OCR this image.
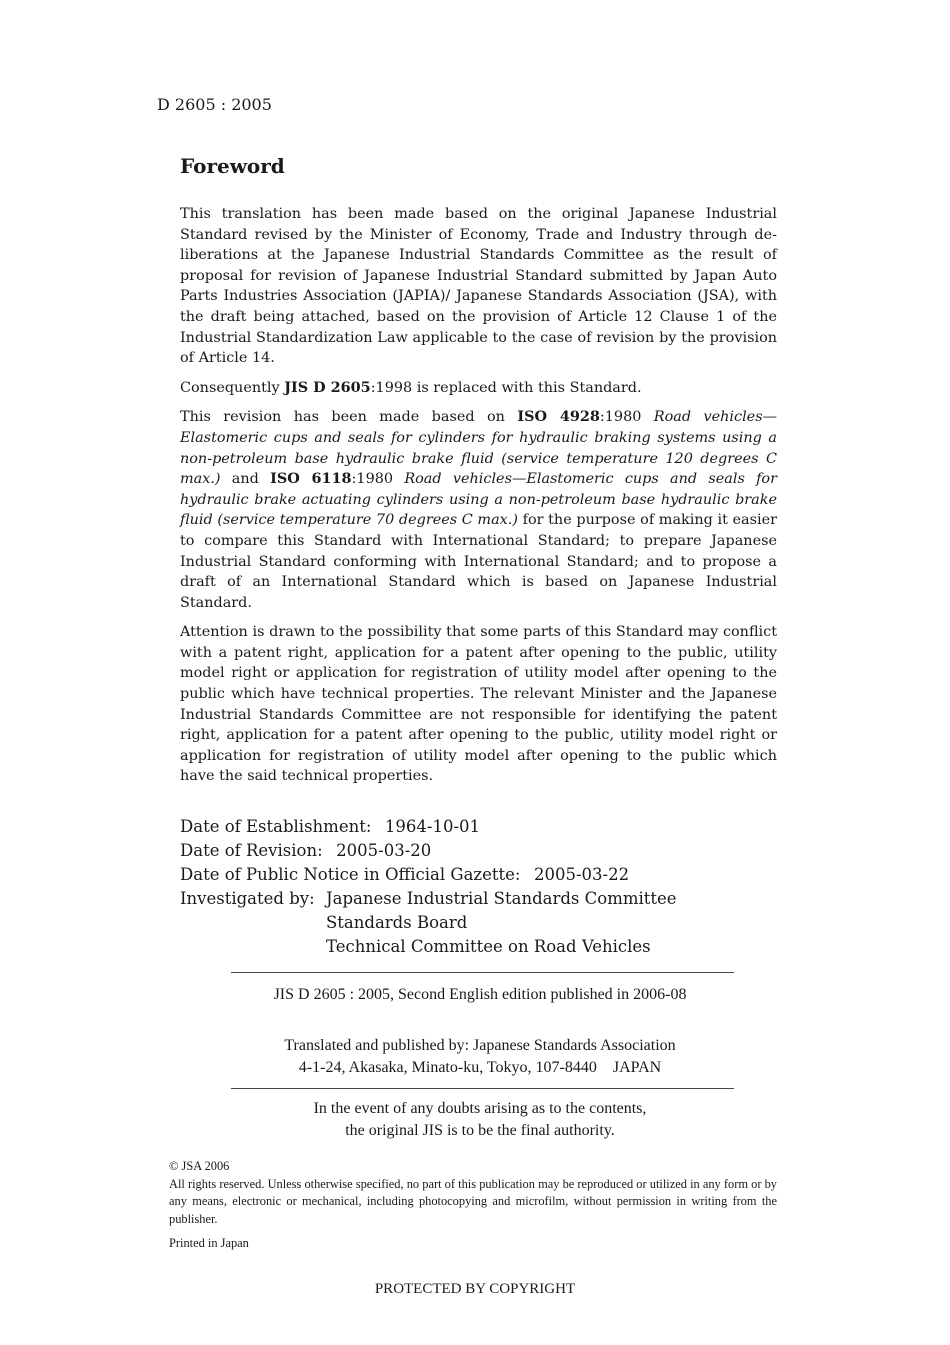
D 2605 : 2005
Foreword

This translation has been made based on the original Japanese Industrial Standard revised by the Minister of Economy, Trade and Industry through de-liberations at the Japanese Industrial Standards Committee as the result of proposal for revision of Japanese Industrial Standard submitted by Japan Auto Parts Industries Association (JAPIA)/ Japanese Standards Association (JSA), with the draft being attached, based on the provision of Article 12 Clause 1 of the Industrial Standardization Law applicable to the case of revision by the provision of Article 14.

Consequently JIS D 2605:1998 is replaced with this Standard.

This revision has been made based on ISO 4928:1980 Road vehicles— Elastomeric cups and seals for cylinders for hydraulic braking systems using a non-petroleum base hydraulic brake fluid (service temperature 120 degrees C max.) and ISO 6118:1980 Road vehicles—Elastomeric cups and seals for hydraulic brake actuating cylinders using a non-petroleum base hydraulic brake fluid (service temperature 70 degrees C max.) for the purpose of making it easier to compare this Standard with International Standard; to prepare Japanese Industrial Standard conforming with International Standard; and to propose a draft of an International Standard which is based on Japanese Industrial Standard.

Attention is drawn to the possibility that some parts of this Standard may conflict with a patent right, application for a patent after opening to the public, utility model right or application for registration of utility model after opening to the public which have technical properties. The relevant Minister and the Japanese Industrial Standards Committee are not responsible for identifying the patent right, application for a patent after opening to the public, utility model right or application for registration of utility model after opening to the public which have the said technical properties.

Date of Establishment:  1964-10-01
Date of Revision:  2005-03-20
Date of Public Notice in Official Gazette:  2005-03-22
Investigated by: Japanese Industrial Standards Committee
Standards Board
Technical Committee on Road Vehicles
JIS D 2605 : 2005, Second English edition published in 2006-08
Translated and published by: Japanese Standards Association
4-1-24, Akasaka, Minato-ku, Tokyo, 107-8440 JAPAN
In the event of any doubts arising as to the contents,
the original JIS is to be the final authority.

© JSA 2006

All rights reserved. Unless otherwise specified, no part of this publication may be reproduced or utilized in any form or by any means, electronic or mechanical, including photocopying and microfilm, without permission in writing from the publisher.

Printed in Japan
PROTECTED BY COPYRIGHT
